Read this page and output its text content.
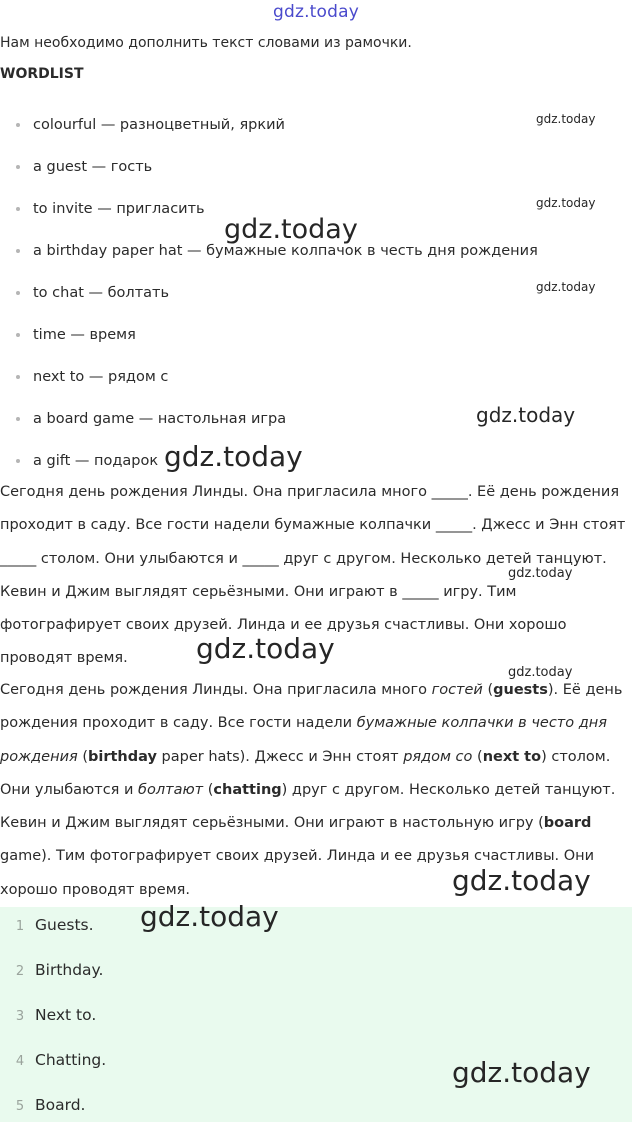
gdz.today
Нам необходимо дополнить текст словами из рамочки.
WORDLIST
colourful — разноцветный, яркий
a guest — гость
to invite — пригласить
a birthday paper hat — бумажные колпачок в честь дня рождения
to chat — болтать
time — время
next to — рядом с
a board game — настольная игра
a gift — подарок

Сегодня день рождения Линды. Она пригласила много _____. Её день рождения проходит в саду. Все гости надели бумажные колпачки _____. Джесс и Энн стоят _____ столом. Они улыбаются и _____ друг с другом. Несколько детей танцуют. Кевин и Джим выглядят серьёзными. Они играют в _____ игру. Тим фотографирует своих друзей. Линда и ее друзья счастливы. Они хорошо проводят время.

Сегодня день рождения Линды. Она пригласила много гостей (guests). Её день рождения проходит в саду. Все гости надели бумажные колпачки в често дня рождения (birthday paper hats). Джесс и Энн стоят рядом со (next to) столом. Они улыбаются и болтают (chatting) друг с другом. Несколько детей танцуют. Кевин и Джим выглядят серьёзными. Они играют в настольную игру (board game). Тим фотографирует своих друзей. Линда и ее друзья счастливы. Они хорошо проводят время.

1 Guests.
2 Birthday.
3 Next to.
4 Chatting.
5 Board.
gdz.today
gdz.today
gdz.today
gdz.today
gdz.today
gdz.today
gdz.today
gdz.today
gdz.today
gdz.today
gdz.today
gdz.today
